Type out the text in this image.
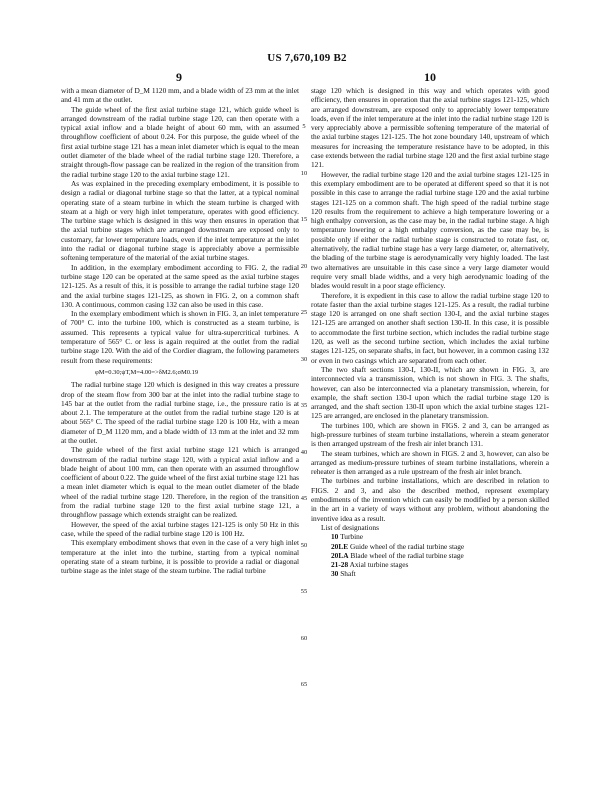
US 7,670,109 B2
9	10
5
10
15
20
25
30
35
40
45
50
55
60
65

with a mean diameter of D_M 1120 mm, and a blade width of 23 mm at the inlet and 41 mm at the outlet.

The guide wheel of the first axial turbine stage 121, which guide wheel is arranged downstream of the radial turbine stage 120, can then operate with a typical axial inflow and a blade height of about 60 mm, with an assumed throughflow coefficient of about 0.24. For this purpose, the guide wheel of the first axial turbine stage 121 has a mean inlet diameter which is equal to the mean outlet diameter of the blade wheel of the radial turbine stage 120. Therefore, a straight through-flow passage can be realized in the region of the transition from the radial turbine stage 120 to the axial turbine stage 121.

As was explained in the preceding exemplary embodiment, it is possible to design a radial or diagonal turbine stage so that the latter, at a typical nominal operating state of a steam turbine in which the steam turbine is charged with steam at a high or very high inlet temperature, operates with good efficiency. The turbine stage which is designed in this way then ensures in operation that the axial turbine stages which are arranged downstream are exposed only to customary, far lower temperature loads, even if the inlet temperature at the inlet into the radial or diagonal turbine stage is appreciably above a permissible softening temperature of the material of the axial turbine stages.

In addition, in the exemplary embodiment according to FIG. 2, the radial turbine stage 120 can be operated at the same speed as the axial turbine stages 121-125. As a result of this, it is possible to arrange the radial turbine stage 120 and the axial turbine stages 121-125, as shown in FIG. 2, on a common shaft 130. A continuous, common casing 132 can also be used in this case.

In the exemplary embodiment which is shown in FIG. 3, an inlet temperature of 700° C. into the turbine 100, which is constructed as a steam turbine, is assumed. This represents a typical value for ultra-supercritical turbines. A temperature of 565° C. or less is again required at the outlet from the radial turbine stage 120. With the aid of the Cordier diagram, the following parameters result from these requirements:

φM=0.30;ψT,M=4.00=>δM2.6;σM0.19

The radial turbine stage 120 which is designed in this way creates a pressure drop of the steam flow from 300 bar at the inlet into the radial turbine stage to 145 bar at the outlet from the radial turbine stage, i.e., the pressure ratio is at about 2.1. The temperature at the outlet from the radial turbine stage 120 is at about 565° C. The speed of the radial turbine stage 120 is 100 Hz, with a mean diameter of D_M 1120 mm, and a blade width of 13 mm at the inlet and 32 mm at the outlet.

The guide wheel of the first axial turbine stage 121 which is arranged downstream of the radial turbine stage 120, with a typical axial inflow and a blade height of about 100 mm, can then operate with an assumed throughflow coefficient of about 0.22. The guide wheel of the first axial turbine stage 121 has a mean inlet diameter which is equal to the mean outlet diameter of the blade wheel of the radial turbine stage 120. Therefore, in the region of the transition from the radial turbine stage 120 to the first axial turbine stage 121, a throughflow passage which extends straight can be realized.

However, the speed of the axial turbine stages 121-125 is only 50 Hz in this case, while the speed of the radial turbine stage 120 is 100 Hz.

This exemplary embodiment shows that even in the case of a very high inlet temperature at the inlet into the turbine, starting from a typical nominal operating state of a steam turbine, it is possible to provide a radial or diagonal turbine stage as the inlet stage of the steam turbine. The radial turbine

stage 120 which is designed in this way and which operates with good efficiency, then ensures in operation that the axial turbine stages 121-125, which are arranged downstream, are exposed only to appreciably lower temperature loads, even if the inlet temperature at the inlet into the radial turbine stage 120 is very appreciably above a permissible softening temperature of the material of the axial turbine stages 121-125. The hot zone boundary 140, upstream of which measures for increasing the temperature resistance have to be adopted, in this case extends between the radial turbine stage 120 and the first axial turbine stage 121.

However, the radial turbine stage 120 and the axial turbine stages 121-125 in this exemplary embodiment are to be operated at different speed so that it is not possible in this case to arrange the radial turbine stage 120 and the axial turbine stages 121-125 on a common shaft. The high speed of the radial turbine stage 120 results from the requirement to achieve a high temperature lowering or a high enthalpy conversion, as the case may be, in the radial turbine stage. A high temperature lowering or a high enthalpy conversion, as the case may be, is possible only if either the radial turbine stage is constructed to rotate fast, or, alternatively, the radial turbine stage has a very large diameter, or, alternatively, the blading of the turbine stage is aerodynamically very highly loaded. The last two alternatives are unsuitable in this case since a very large diameter would require very small blade widths, and a very high aerodynamic loading of the blades would result in a poor stage efficiency.

Therefore, it is expedient in this case to allow the radial turbine stage 120 to rotate faster than the axial turbine stages 121-125. As a result, the radial turbine stage 120 is arranged on one shaft section 130-I, and the axial turbine stages 121-125 are arranged on another shaft section 130-II. In this case, it is possible to accommodate the first turbine section, which includes the radial turbine stage 120, as well as the second turbine section, which includes the axial turbine stages 121-125, on separate shafts, in fact, but however, in a common casing 132 or even in two casings which are separated from each other.

The two shaft sections 130-I, 130-II, which are shown in FIG. 3, are interconnected via a transmission, which is not shown in FIG. 3. The shafts, however, can also be interconnected via a planetary transmission, wherein, for example, the shaft section 130-I upon which the radial turbine stage 120 is arranged, and the shaft section 130-II upon which the axial turbine stages 121-125 are arranged, are enclosed in the planetary transmission.

The turbines 100, which are shown in FIGS. 2 and 3, can be arranged as high-pressure turbines of steam turbine installations, wherein a steam generator is then arranged upstream of the fresh air inlet branch 131.

The steam turbines, which are shown in FIGS. 2 and 3, however, can also be arranged as medium-pressure turbines of steam turbine installations, wherein a reheater is then arranged as a rule upstream of the fresh air inlet branch.

The turbines and turbine installations, which are described in relation to FIGS. 2 and 3, and also the described method, represent exemplary embodiments of the invention which can easily be modified by a person skilled in the art in a variety of ways without any problem, without abandoning the inventive idea as a result.

List of designations

10 Turbine

20LE Guide wheel of the radial turbine stage

20LA Blade wheel of the radial turbine stage

21-28 Axial turbine stages

30 Shaft
